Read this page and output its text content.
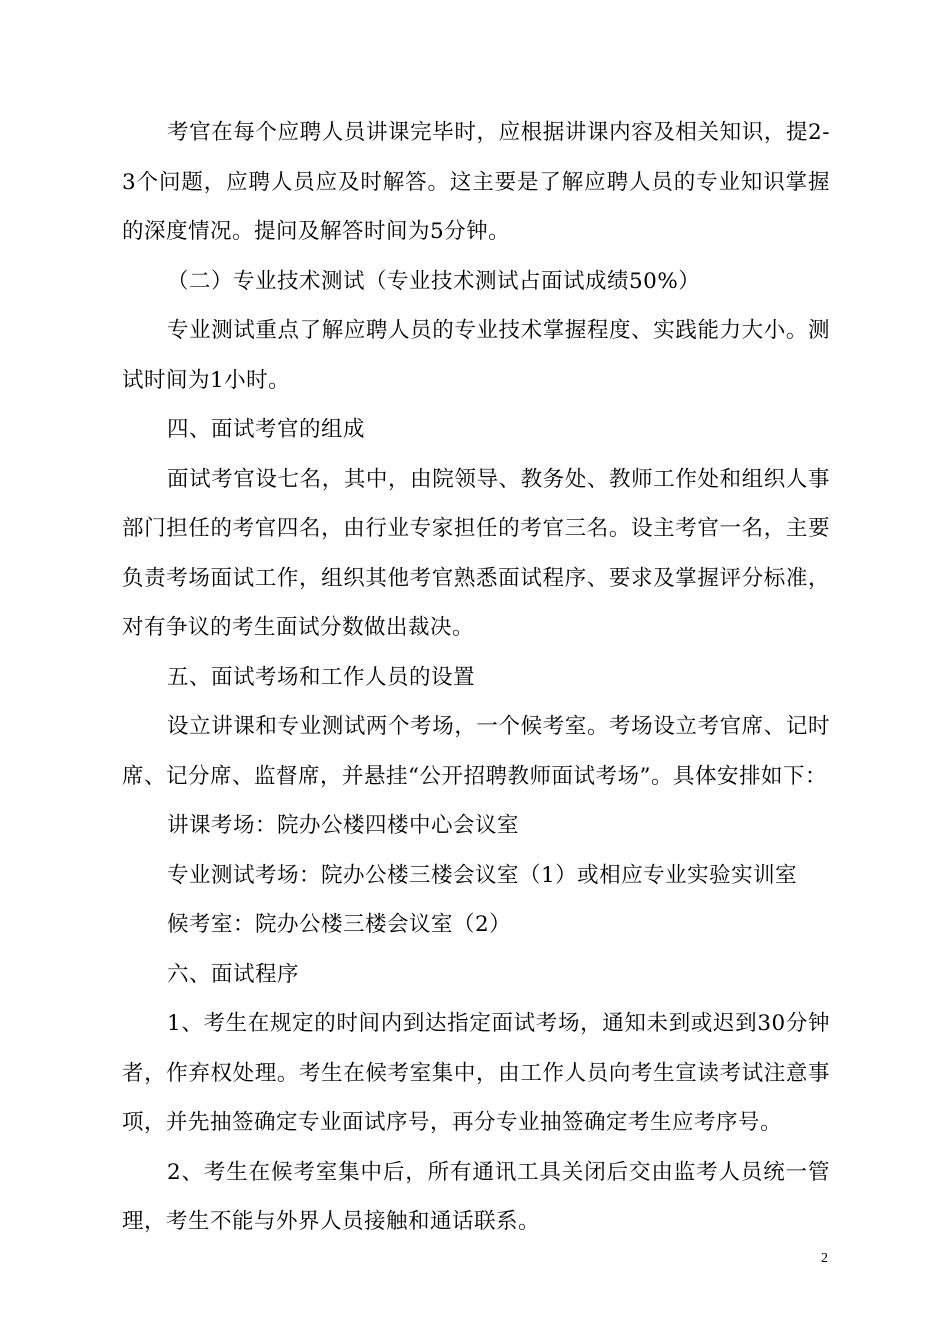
考官在每个应聘人员讲课完毕时，应根据讲课内容及相关知识，提2-3个问题，应聘人员应及时解答。这主要是了解应聘人员的专业知识掌握的深度情况。提问及解答时间为5分钟。

（二）专业技术测试（专业技术测试占面试成绩50%）

专业测试重点了解应聘人员的专业技术掌握程度、实践能力大小。测试时间为1小时。

四、面试考官的组成

面试考官设七名，其中，由院领导、教务处、教师工作处和组织人事部门担任的考官四名，由行业专家担任的考官三名。设主考官一名，主要负责考场面试工作，组织其他考官熟悉面试程序、要求及掌握评分标准，对有争议的考生面试分数做出裁决。

五、面试考场和工作人员的设置

设立讲课和专业测试两个考场，一个候考室。考场设立考官席、记时席、记分席、监督席，并悬挂“公开招聘教师面试考场”。具体安排如下：

讲课考场：院办公楼四楼中心会议室

专业测试考场：院办公楼三楼会议室（1）或相应专业实验实训室

候考室：院办公楼三楼会议室（2）

六、面试程序

1、考生在规定的时间内到达指定面试考场，通知未到或迟到30分钟者，作弃权处理。考生在候考室集中，由工作人员向考生宣读考试注意事项，并先抽签确定专业面试序号，再分专业抽签确定考生应考序号。

2、考生在候考室集中后，所有通讯工具关闭后交由监考人员统一管理，考生不能与外界人员接触和通话联系。

2
